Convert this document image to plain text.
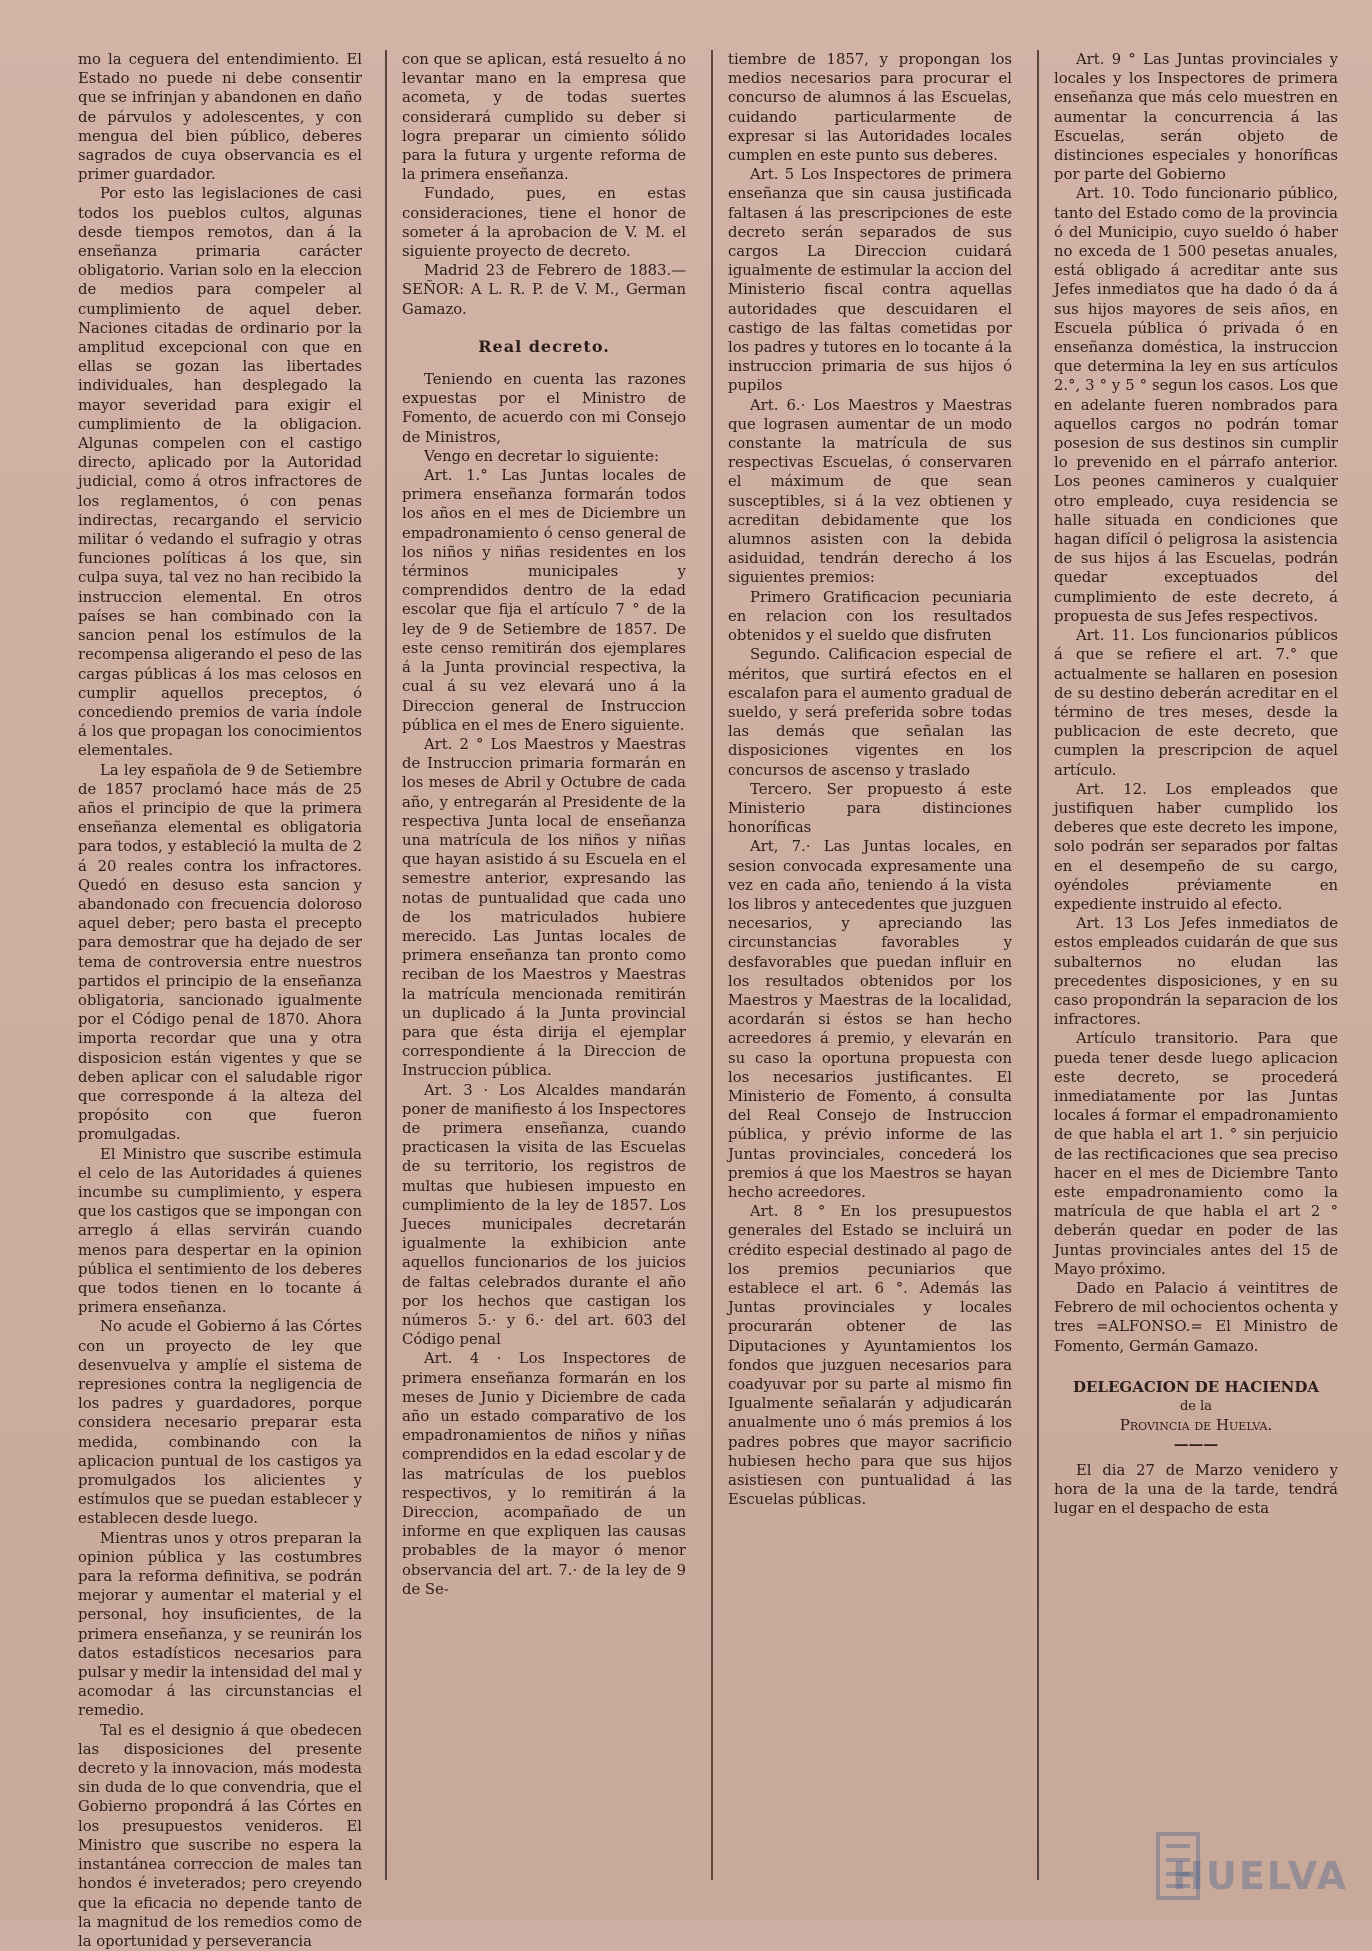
mo la ceguera del entendimiento. El Estado no puede ni debe consentir que se infrinjan y abandonen en daño de párvulos y adolescentes, y con mengua del bien público, deberes sagrados de cuya observancia es el primer guardador.

Por esto las legislaciones de casi todos los pueblos cultos, algunas desde tiempos remotos, dan á la enseñanza primaria carácter obligatorio. Varian solo en la eleccion de medios para compeler al cumplimiento de aquel deber. Naciones citadas de ordinario por la amplitud excepcional con que en ellas se gozan las libertades individuales, han desplegado la mayor severidad para exigir el cumplimiento de la obligacion. Algunas compelen con el castigo directo, aplicado por la Autoridad judicial, como á otros infractores de los reglamentos, ó con penas indirectas, recargando el servicio militar ó vedando el sufragio y otras funciones políticas á los que, sin culpa suya, tal vez no han recibido la instruccion elemental. En otros países se han combinado con la sancion penal los estímulos de la recompensa aligerando el peso de las cargas públicas á los mas celosos en cumplir aquellos preceptos, ó concediendo premios de varia índole á los que propagan los conocimientos elementales.

La ley española de 9 de Setiembre de 1857 proclamó hace más de 25 años el principio de que la primera enseñanza elemental es obligatoria para todos, y estableció la multa de 2 á 20 reales contra los infractores. Quedó en desuso esta sancion y abandonado con frecuencia doloroso aquel deber; pero basta el precepto para demostrar que ha dejado de ser tema de controversia entre nuestros partidos el principio de la enseñanza obligatoria, sancionado igualmente por el Código penal de 1870. Ahora importa recordar que una y otra disposicion están vigentes y que se deben aplicar con el saludable rigor que corresponde á la alteza del propósito con que fueron promulgadas.

El Ministro que suscribe estimula el celo de las Autoridades á quienes incumbe su cumplimiento, y espera que los castigos que se impongan con arreglo á ellas servirán cuando menos para despertar en la opinion pública el sentimiento de los deberes que todos tienen en lo tocante á primera enseñanza.

No acude el Gobierno á las Córtes con un proyecto de ley que desenvuelva y amplíe el sistema de represiones contra la negligencia de los padres y guardadores, porque considera necesario preparar esta medida, combinando con la aplicacion puntual de los castigos ya promulgados los alicientes y estímulos que se puedan establecer y establecen desde luego.

Mientras unos y otros preparan la opinion pública y las costumbres para la reforma definitiva, se podrán mejorar y aumentar el material y el personal, hoy insuficientes, de la primera enseñanza, y se reunirán los datos estadísticos necesarios para pulsar y medir la intensidad del mal y acomodar á las circunstancias el remedio.

Tal es el designio á que obedecen las disposiciones del presente decreto y la innovacion, más modesta sin duda de lo que convendria, que el Gobierno propondrá á las Córtes en los presupuestos venideros. El Ministro que suscribe no espera la instantánea correccion de males tan hondos é inveterados; pero creyendo que la eficacia no depende tanto de la magnitud de los remedios como de la oportunidad y perseverancia

con que se aplican, está resuelto á no levantar mano en la empresa que acometa, y de todas suertes considerará cumplido su deber si logra preparar un cimiento sólido para la futura y urgente reforma de la primera enseñanza.

Fundado, pues, en estas consideraciones, tiene el honor de someter á la aprobacion de V. M. el siguiente proyecto de decreto.

Madrid 23 de Febrero de 1883.— SEÑOR: A L. R. P. de V. M., German Gamazo.

Real decreto.

Teniendo en cuenta las razones expuestas por el Ministro de Fomento, de acuerdo con mi Consejo de Ministros,

Vengo en decretar lo siguiente:

Art. 1.° Las Juntas locales de primera enseñanza formarán todos los años en el mes de Diciembre un empadronamiento ó censo general de los niños y niñas residentes en los términos municipales y comprendidos dentro de la edad escolar que fija el artículo 7 ° de la ley de 9 de Setiembre de 1857. De este censo remitirán dos ejemplares á la Junta provincial respectiva, la cual á su vez elevará uno á la Direccion general de Instruccion pública en el mes de Enero siguiente.

Art. 2 ° Los Maestros y Maestras de Instruccion primaria formarán en los meses de Abril y Octubre de cada año, y entregarán al Presidente de la respectiva Junta local de enseñanza una matrícula de los niños y niñas que hayan asistido á su Escuela en el semestre anterior, expresando las notas de puntualidad que cada uno de los matriculados hubiere merecido. Las Juntas locales de primera enseñanza tan pronto como reciban de los Maestros y Maestras la matrícula mencionada remitirán un duplicado á la Junta provincial para que ésta dirija el ejemplar correspondiente á la Direccion de Instruccion pública.

Art. 3 · Los Alcaldes mandarán poner de manifiesto á los Inspectores de primera enseñanza, cuando practicasen la visita de las Escuelas de su territorio, los registros de multas que hubiesen impuesto en cumplimiento de la ley de 1857. Los Jueces municipales decretarán igualmente la exhibicion ante aquellos funcionarios de los juicios de faltas celebrados durante el año por los hechos que castigan los números 5.· y 6.· del art. 603 del Código penal

Art. 4 · Los Inspectores de primera enseñanza formarán en los meses de Junio y Diciembre de cada año un estado comparativo de los empadronamientos de niños y niñas comprendidos en la edad escolar y de las matrículas de los pueblos respectivos, y lo remitirán á la Direccion, acompañado de un informe en que expliquen las causas probables de la mayor ó menor observancia del art. 7.· de la ley de 9 de Se-

tiembre de 1857, y propongan los medios necesarios para procurar el concurso de alumnos á las Escuelas, cuidando particularmente de expresar si las Autoridades locales cumplen en este punto sus deberes.

Art. 5 Los Inspectores de primera enseñanza que sin causa justificada faltasen á las prescripciones de este decreto serán separados de sus cargos La Direccion cuidará igualmente de estimular la accion del Ministerio fiscal contra aquellas autoridades que descuidaren el castigo de las faltas cometidas por los padres y tutores en lo tocante á la instruccion primaria de sus hijos ó pupilos

Art. 6.· Los Maestros y Maestras que lograsen aumentar de un modo constante la matrícula de sus respectivas Escuelas, ó conservaren el máximum de que sean susceptibles, si á la vez obtienen y acreditan debidamente que los alumnos asisten con la debida asiduidad, tendrán derecho á los siguientes premios:

Primero Gratificacion pecuniaria en relacion con los resultados obtenidos y el sueldo que disfruten

Segundo. Calificacion especial de méritos, que surtirá efectos en el escalafon para el aumento gradual de sueldo, y será preferida sobre todas las demás que señalan las disposiciones vigentes en los concursos de ascenso y traslado

Tercero. Ser propuesto á este Ministerio para distinciones honoríficas

Art, 7.· Las Juntas locales, en sesion convocada expresamente una vez en cada año, teniendo á la vista los libros y antecedentes que juzguen necesarios, y apreciando las circunstancias favorables y desfavorables que puedan influir en los resultados obtenidos por los Maestros y Maestras de la localidad, acordarán si éstos se han hecho acreedores á premio, y elevarán en su caso la oportuna propuesta con los necesarios justificantes. El Ministerio de Fomento, á consulta del Real Consejo de Instruccion pública, y prévio informe de las Juntas provinciales, concederá los premios á que los Maestros se hayan hecho acreedores.

Art. 8 ° En los presupuestos generales del Estado se incluirá un crédito especial destinado al pago de los premios pecuniarios que establece el art. 6 °. Además las Juntas provinciales y locales procurarán obtener de las Diputaciones y Ayuntamientos los fondos que juzguen necesarios para coadyuvar por su parte al mismo fin Igualmente señalarán y adjudicarán anualmente uno ó más premios á los padres pobres que mayor sacrificio hubiesen hecho para que sus hijos asistiesen con puntualidad á las Escuelas públicas.

Art. 9 ° Las Juntas provinciales y locales y los Inspectores de primera enseñanza que más celo muestren en aumentar la concurrencia á las Escuelas, serán objeto de distinciones especiales y honoríficas por parte del Gobierno

Art. 10. Todo funcionario público, tanto del Estado como de la provincia ó del Municipio, cuyo sueldo ó haber no exceda de 1 500 pesetas anuales, está obligado á acreditar ante sus Jefes inmediatos que ha dado ó da á sus hijos mayores de seis años, en Escuela pública ó privada ó en enseñanza doméstica, la instruccion que determina la ley en sus artículos 2.°, 3 ° y 5 ° segun los casos. Los que en adelante fueren nombrados para aquellos cargos no podrán tomar posesion de sus destinos sin cumplir lo prevenido en el párrafo anterior. Los peones camineros y cualquier otro empleado, cuya residencia se halle situada en condiciones que hagan difícil ó peligrosa la asistencia de sus hijos á las Escuelas, podrán quedar exceptuados del cumplimiento de este decreto, á propuesta de sus Jefes respectivos.

Art. 11. Los funcionarios públicos á que se refiere el art. 7.° que actualmente se hallaren en posesion de su destino deberán acreditar en el término de tres meses, desde la publicacion de este decreto, que cumplen la prescripcion de aquel artículo.

Art. 12. Los empleados que justifiquen haber cumplido los deberes que este decreto les impone, solo podrán ser separados por faltas en el desempeño de su cargo, oyéndoles préviamente en expediente instruido al efecto.

Art. 13 Los Jefes inmediatos de estos empleados cuidarán de que sus subalternos no eludan las precedentes disposiciones, y en su caso propondrán la separacion de los infractores.

Artículo transitorio. Para que pueda tener desde luego aplicacion este decreto, se procederá inmediatamente por las Juntas locales á formar el empadronamiento de que habla el art 1. ° sin perjuicio de las rectificaciones que sea preciso hacer en el mes de Diciembre Tanto este empadronamiento como la matrícula de que habla el art 2 ° deberán quedar en poder de las Juntas provinciales antes del 15 de Mayo próximo.

Dado en Palacio á veintitres de Febrero de mil ochocientos ochenta y tres =ALFONSO.= El Ministro de Fomento, Germán Gamazo.

DELEGACION DE HACIENDA

de la

Provincia de Huelva.

———

El dia 27 de Marzo venidero y hora de la una de la tarde, tendrá lugar en el despacho de esta

HUELVA
